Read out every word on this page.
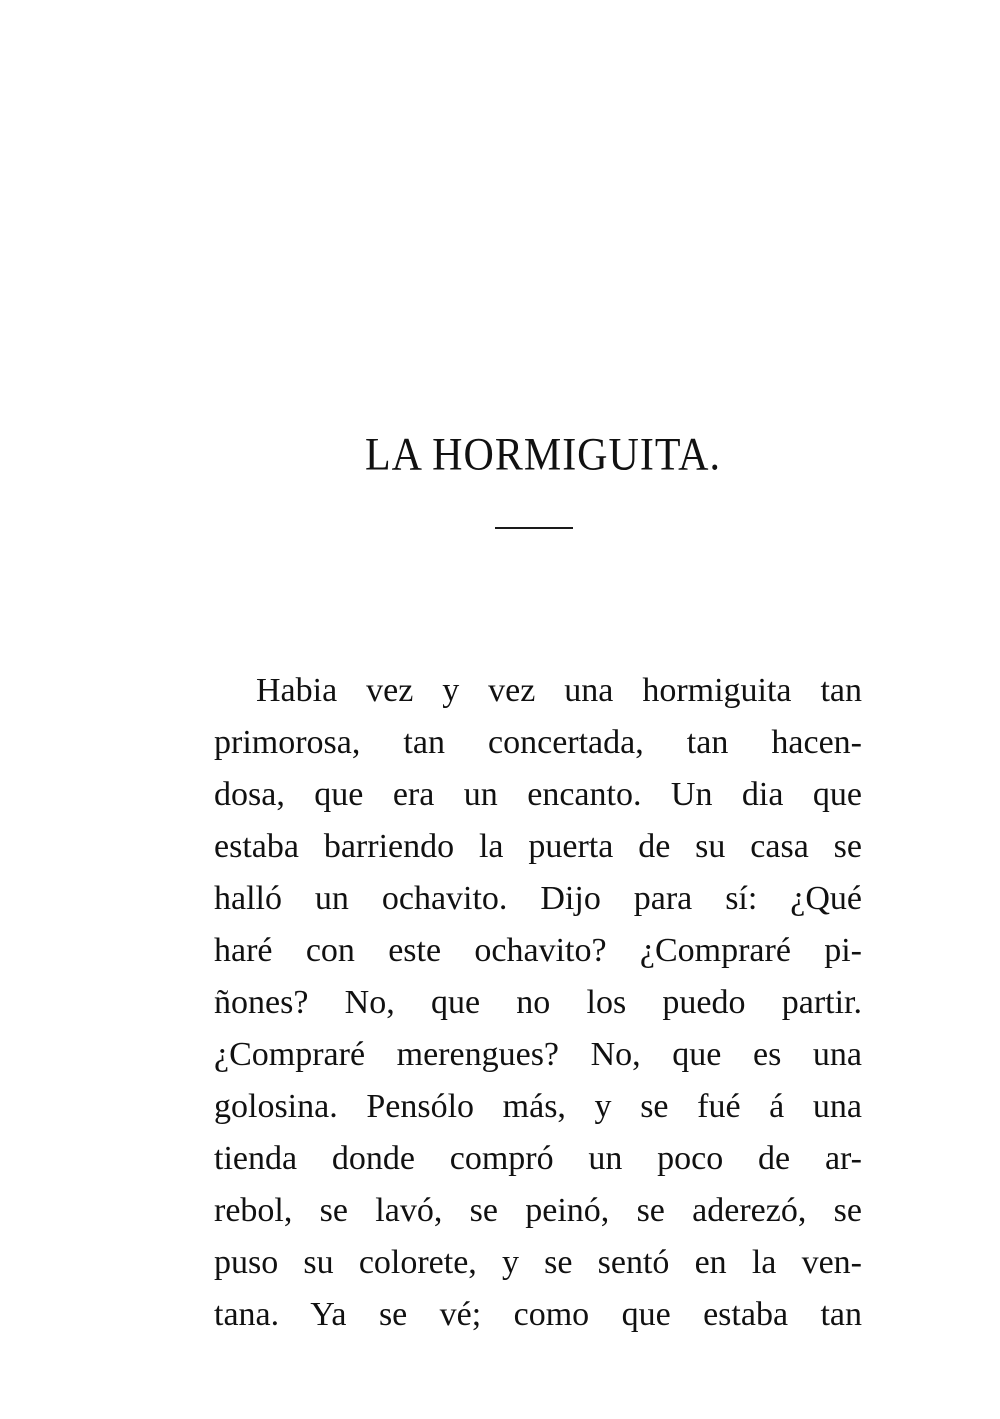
LA HORMIGUITA.
Habia vez y vez una hormiguita tan
primorosa, tan concertada, tan hacen-
dosa, que era un encanto. Un dia que
estaba barriendo la puerta de su casa se
halló un ochavito. Dijo para sí: ¿Qué
haré con este ochavito? ¿Compraré pi-
ñones? No, que no los puedo partir.
¿Compraré merengues? No, que es una
golosina. Pensólo más, y se fué á una
tienda donde compró un poco de ar-
rebol, se lavó, se peinó, se aderezó, se
puso su colorete, y se sentó en la ven-
tana. Ya se vé; como que estaba tan
